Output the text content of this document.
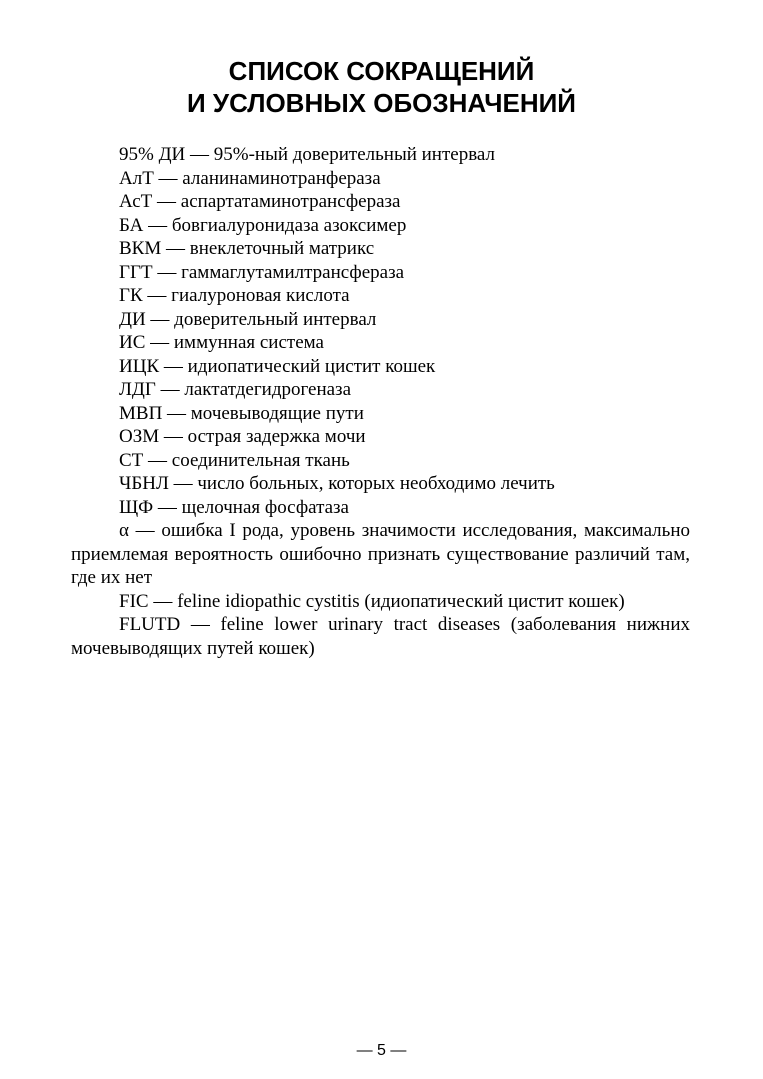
СПИСОК СОКРАЩЕНИЙ
И УСЛОВНЫХ ОБОЗНАЧЕНИЙ

95% ДИ — 95%-ный доверительный интервал

АлТ — аланинаминотранфераза

АсТ — аспартатаминотрансфераза

БА — бовгиалуронидаза азоксимер

ВКМ — внеклеточный матрикс

ГГТ — гаммаглутамилтрансфераза

ГК — гиалуроновая кислота

ДИ — доверительный интервал

ИС — иммунная система

ИЦК — идиопатический цистит кошек

ЛДГ — лактатдегидрогеназа

МВП — мочевыводящие пути

ОЗМ — острая задержка мочи

СТ — соединительная ткань

ЧБНЛ — число больных, которых необходимо лечить

ЩФ — щелочная фосфатаза

α — ошибка I рода, уровень значимости исследования, максимально приемлемая вероятность ошибочно признать существование различий там, где их нет

FIC — feline idiopathic cystitis (идиопатический цистит кошек)

FLUTD — feline lower urinary tract diseases (заболевания нижних мочевыводящих путей кошек)

— 5 —
